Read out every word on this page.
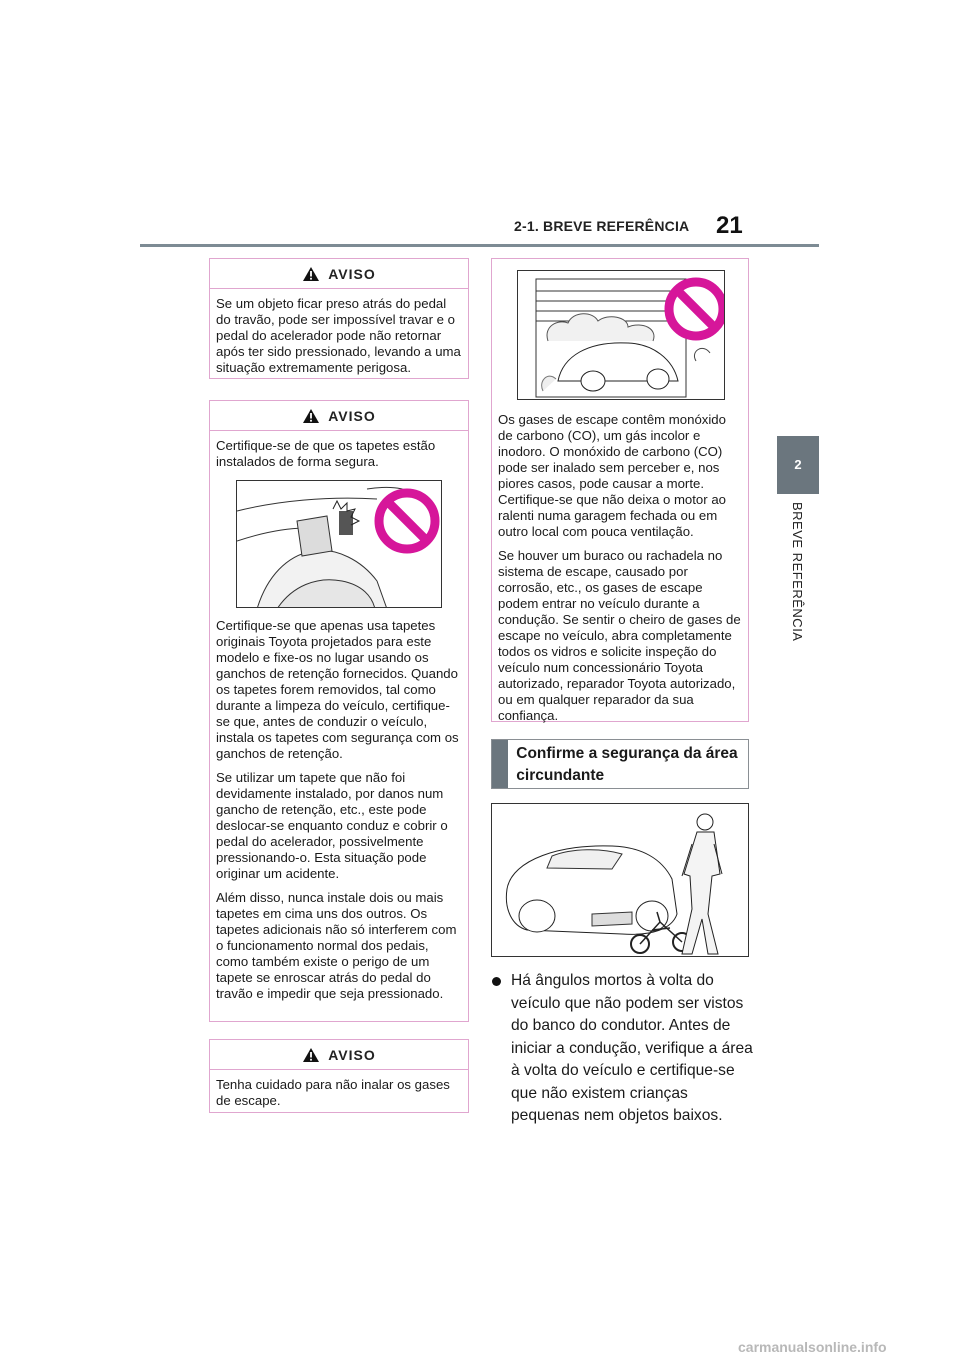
2-1. BREVE REFERÊNCIA 21
2
BREVE REFERÊNCIA
AVISO

Se um objeto ficar preso atrás do pedal do travão, pode ser impossível travar e o pedal do acelerador pode não retornar após ter sido pressionado, levando a uma situação extremamente perigosa.

AVISO

Certifique-se de que os tapetes estão instalados de forma segura.

Certifique-se que apenas usa tapetes originais Toyota projetados para este modelo e fixe-os no lugar usando os ganchos de retenção fornecidos. Quando os tapetes forem removidos, tal como durante a limpeza do veículo, certifique-se que, antes de conduzir o veículo, instala os tapetes com segurança com os ganchos de retenção.

Se utilizar um tapete que não foi devidamente instalado, por danos num gancho de retenção, etc., este pode deslocar-se enquanto conduz e cobrir o pedal do acelerador, possivelmente pressionando-o. Esta situação pode originar um acidente.

Além disso, nunca instale dois ou mais tapetes em cima uns dos outros. Os tapetes adicionais não só interferem com o funcionamento normal dos pedais, como também existe o perigo de um tapete se enroscar atrás do pedal do travão e impedir que seja pressionado.

AVISO

Tenha cuidado para não inalar os gases de escape.

Os gases de escape contêm monóxido de carbono (CO), um gás incolor e inodoro. O monóxido de carbono (CO) pode ser inalado sem perceber e, nos piores casos, pode causar a morte. Certifique-se que não deixa o motor ao ralenti numa garagem fechada ou em outro local com pouca ventilação.

Se houver um buraco ou rachadela no sistema de escape, causado por corrosão, etc., os gases de escape podem entrar no veículo durante a condução. Se sentir o cheiro de gases de escape no veículo, abra completamente todos os vidros e solicite inspeção do veículo num concessionário Toyota autorizado, reparador Toyota autorizado, ou em qualquer reparador da sua confiança.

Confirme a segurança da área circundante
Há ângulos mortos à volta do veículo que não podem ser vistos do banco do condutor. Antes de iniciar a condução, verifique a área à volta do veículo e certifique-se que não existem crianças pequenas nem objetos baixos.
carmanualsonline.info
